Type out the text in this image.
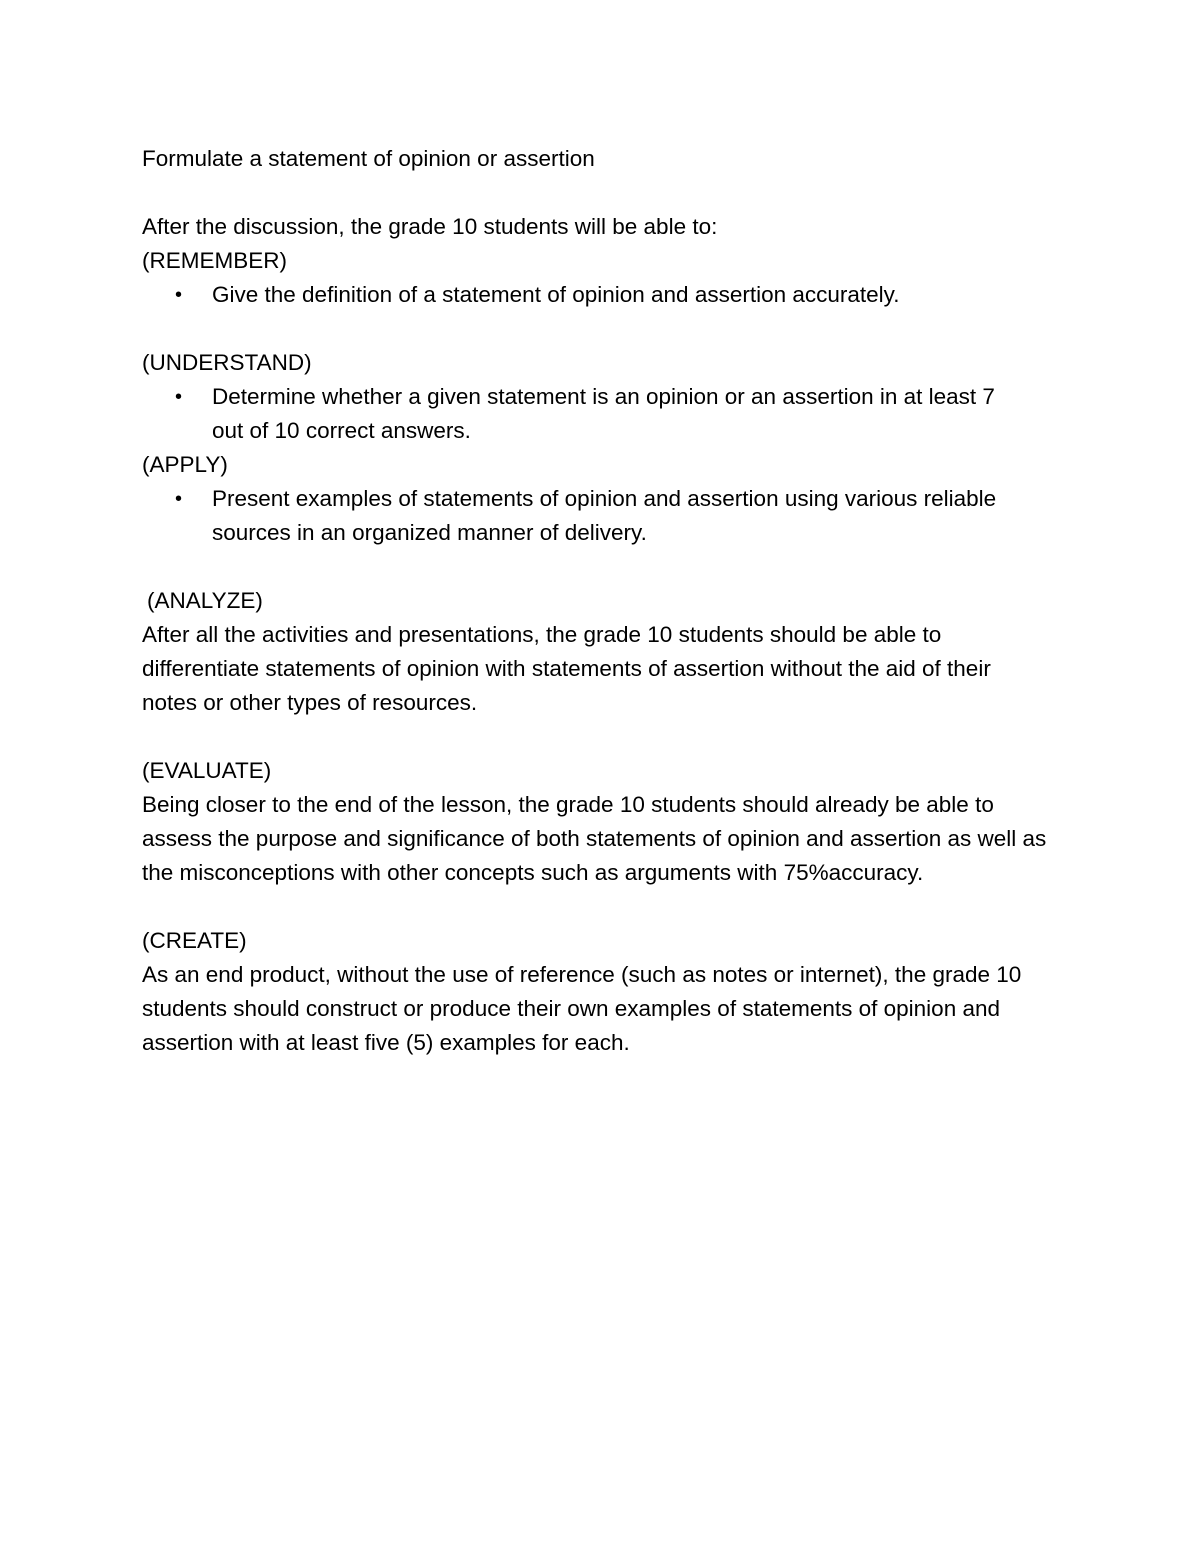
Formulate a statement of opinion or assertion

After the discussion, the grade 10 students will be able to:

(REMEMBER)

• Give the definition of a statement of opinion and assertion accurately.

(UNDERSTAND)

• Determine whether a given statement is an opinion or an assertion in at least 7 out of 10 correct answers.

(APPLY)

• Present examples of statements of opinion and assertion using various reliable sources in an organized manner of delivery.

(ANALYZE)

After all the activities and presentations, the grade 10 students should be able to differentiate statements of opinion with statements of assertion without the aid of their notes or other types of resources.

(EVALUATE)

Being closer to the end of the lesson, the grade 10 students should already be able to assess the purpose and significance of both statements of opinion and assertion as well as the misconceptions with other concepts such as arguments with 75%accuracy.

(CREATE)

As an end product, without the use of reference (such as notes or internet), the grade 10 students should construct or produce their own examples of statements of opinion and assertion with at least five (5) examples for each.
